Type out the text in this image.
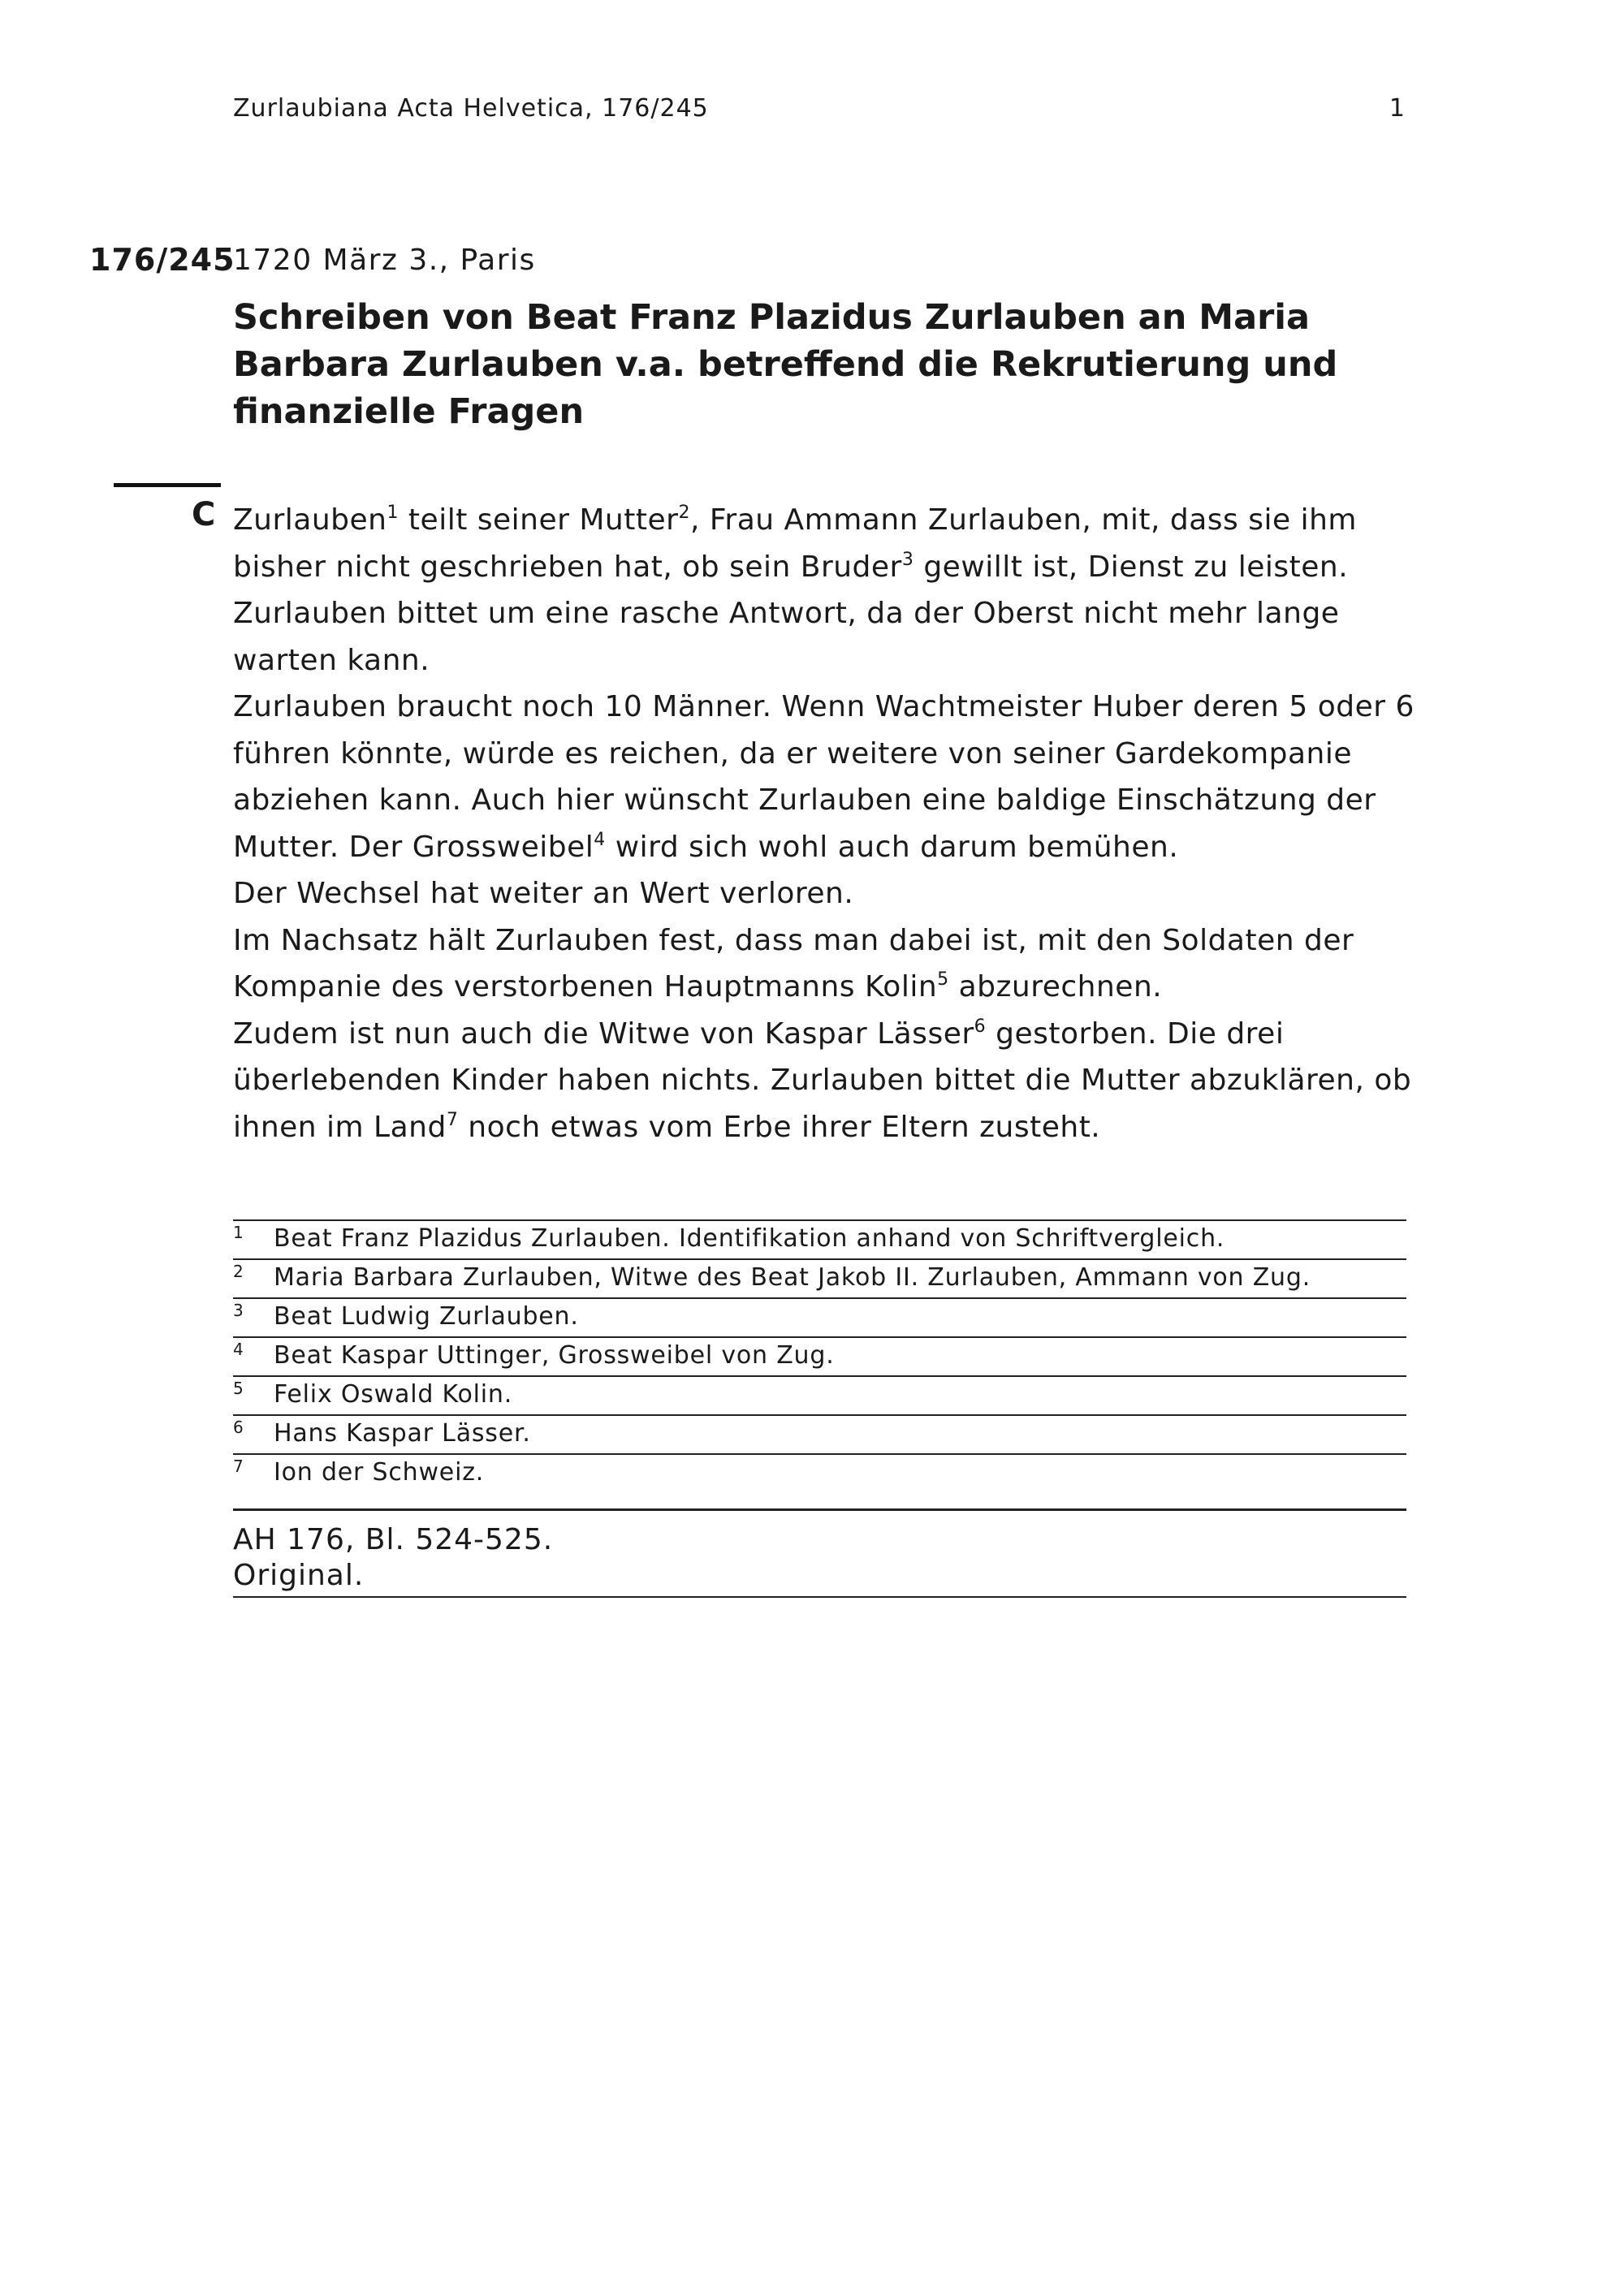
Zurlaubiana Acta Helvetica, 176/245	1
176/245
1720 März 3., Paris
Schreiben von Beat Franz Plazidus Zurlauben an Maria Barbara Zurlauben v.a. betreffend die Rekrutierung und finanzielle Fragen
C Zurlauben$^1$ teilt seiner Mutter$^2$, Frau Ammann Zurlauben, mit, dass sie ihm bisher nicht geschrieben hat, ob sein Bruder$^3$ gewillt ist, Dienst zu leisten. Zurlauben bittet um eine rasche Antwort, da der Oberst nicht mehr lange warten kann.

Zurlauben braucht noch 10 Männer. Wenn Wachtmeister Huber deren 5 oder 6 führen könnte, würde es reichen, da er weitere von seiner Gardekompanie abziehen kann. Auch hier wünscht Zurlauben eine baldige Einschätzung der Mutter. Der Grossweibel$^4$ wird sich wohl auch darum bemühen.

Der Wechsel hat weiter an Wert verloren.

Im Nachsatz hält Zurlauben fest, dass man dabei ist, mit den Soldaten der Kompanie des verstorbenen Hauptmanns Kolin$^5$ abzurechnen.

Zudem ist nun auch die Witwe von Kaspar Lässer$^6$ gestorben. Die drei überlebenden Kinder haben nichts. Zurlauben bittet die Mutter abzuklären, ob ihnen im Land$^7$ noch etwas vom Erbe ihrer Eltern zusteht.

1	Beat Franz Plazidus Zurlauben. Identifikation anhand von Schriftvergleich.
2	Maria Barbara Zurlauben, Witwe des Beat Jakob II. Zurlauben, Ammann von Zug.
3	Beat Ludwig Zurlauben.
4	Beat Kaspar Uttinger, Grossweibel von Zug.
5	Felix Oswald Kolin.
6	Hans Kaspar Lässer.
7	Ion der Schweiz.
AH 176, Bl. 524-525.
Original.
